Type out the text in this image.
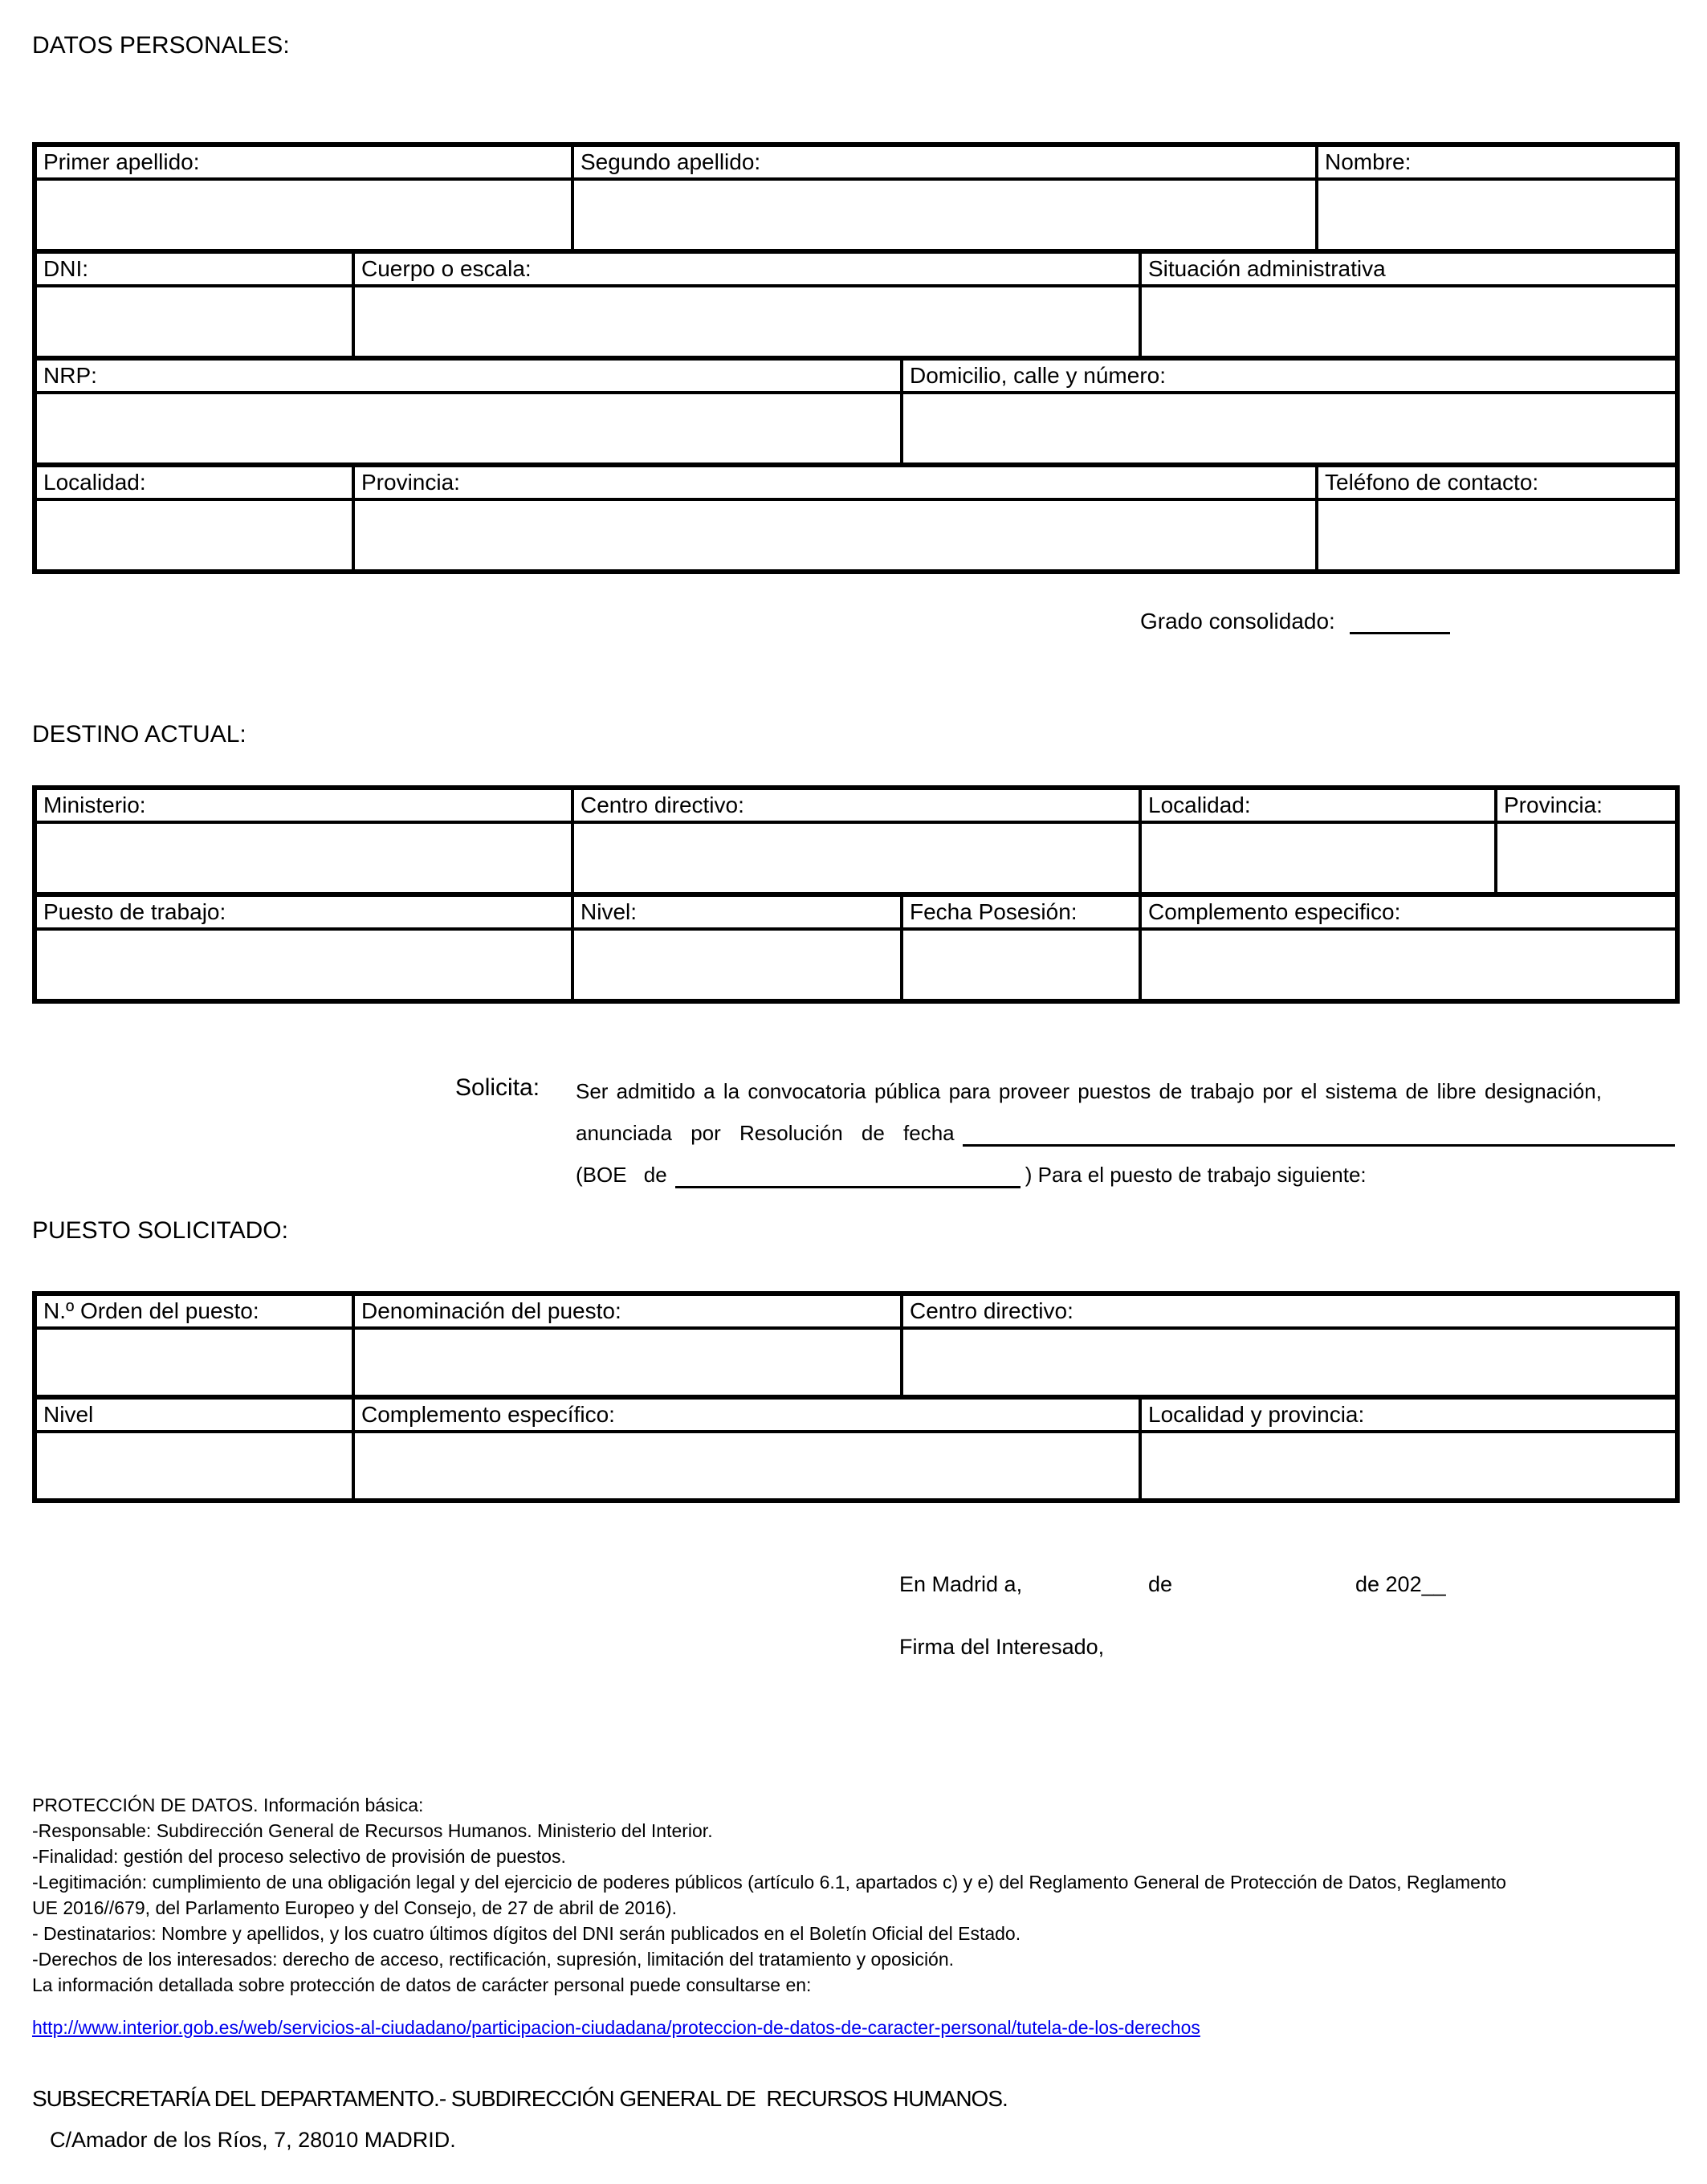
DATOS PERSONALES:
Primer apellido:	Segundo apellido:	Nombre:

DNI:	Cuerpo o escala:	Situación administrativa

NRP:	Domicilio, calle y número:

Localidad:	Provincia:	Teléfono de contacto:

Grado consolidado:
DESTINO ACTUAL:
Ministerio:	Centro directivo:	Localidad:	Provincia:

Puesto de trabajo:	Nivel:	Fecha Posesión:	Complemento especifico:

Solicita: Ser admitido a la convocatoria pública para proveer puestos de trabajo por el sistema de libre designación,
anunciada por Resolución de fecha
(BOE de	) Para el puesto de trabajo siguiente:
PUESTO SOLICITADO:
N.º Orden del puesto:	Denominación del puesto:	Centro directivo:

Nivel	Complemento específico:	Localidad y provincia:

En Madrid a,	de	de 202__
Firma del Interesado,
PROTECCIÓN DE DATOS. Información básica:
-Responsable: Subdirección General de Recursos Humanos. Ministerio del Interior.
-Finalidad: gestión del proceso selectivo de provisión de puestos.
-Legitimación: cumplimiento de una obligación legal y del ejercicio de poderes públicos (artículo 6.1, apartados c) y e) del Reglamento General de Protección de Datos, Reglamento
UE 2016//679, del Parlamento Europeo y del Consejo, de 27 de abril de 2016).
- Destinatarios: Nombre y apellidos, y los cuatro últimos dígitos del DNI serán publicados en el Boletín Oficial del Estado.
-Derechos de los interesados: derecho de acceso, rectificación, supresión, limitación del tratamiento y oposición.
La información detallada sobre protección de datos de carácter personal puede consultarse en:
http://www.interior.gob.es/web/servicios-al-ciudadano/participacion-ciudadana/proteccion-de-datos-de-caracter-personal/tutela-de-los-derechos
SUBSECRETARÍA DEL DEPARTAMENTO.- SUBDIRECCIÓN GENERAL DE  RECURSOS HUMANOS.
C/Amador de los Ríos, 7, 28010 MADRID.
